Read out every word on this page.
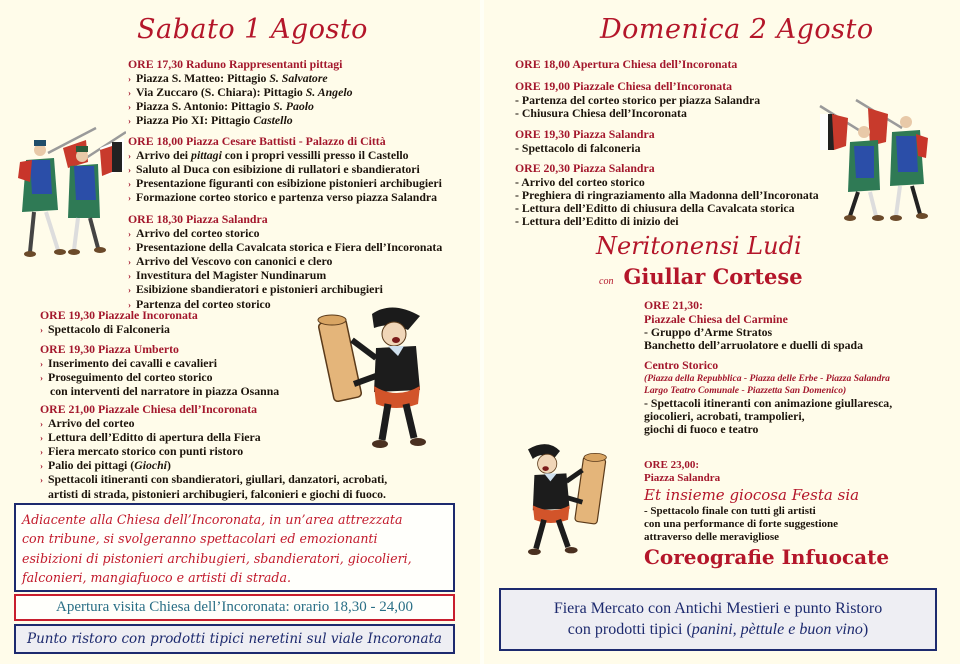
Sabato 1 Agosto
ORE 17,30 Raduno Rappresentanti pittagi
› Piazza S. Matteo: Pittagio S. Salvatore
› Via Zuccaro (S. Chiara): Pittagio S. Angelo
› Piazza S. Antonio: Pittagio S. Paolo
› Piazza Pio XI: Pittagio Castello
ORE 18,00 Piazza Cesare Battisti - Palazzo di Città
› Arrivo dei pittagi con i propri vessilli presso il Castello
› Saluto al Duca con esibizione di rullatori e sbandieratori
› Presentazione figuranti con esibizione pistonieri archibugieri
› Formazione corteo storico e partenza verso piazza Salandra
ORE 18,30 Piazza Salandra
› Arrivo del corteo storico
› Presentazione della Cavalcata storica e Fiera dell’Incoronata
› Arrivo del Vescovo con canonici e clero
› Investitura del Magister Nundinarum
› Esibizione sbandieratori e pistonieri archibugieri
› Partenza del corteo storico
ORE 19,30 Piazzale Incoronata
› Spettacolo di Falconeria
ORE 19,30 Piazza Umberto
› Inserimento dei cavalli e cavalieri
› Proseguimento del corteo storico
con interventi del narratore in piazza Osanna
ORE 21,00 Piazzale Chiesa dell’Incoronata
› Arrivo del corteo
› Lettura dell’Editto di apertura della Fiera
› Fiera mercato storico con punti ristoro
› Palio dei pittagi (Giochi)
› Spettacoli itineranti con sbandieratori, giullari, danzatori, acrobati,
artisti di strada, pistonieri archibugieri, falconieri e giochi di fuoco.
Adiacente alla Chiesa dell’Incoronata, in un’area attrezzata
con tribune, si svolgeranno spettacolari ed emozionanti
esibizioni di pistonieri archibugieri, sbandieratori, giocolieri,
falconieri, mangiafuoco e artisti di strada.
Apertura visita Chiesa dell’Incoronata: orario 18,30 - 24,00
Punto ristoro con prodotti tipici neretini sul viale Incoronata
Domenica 2 Agosto
ORE 18,00 Apertura Chiesa dell’Incoronata
ORE 19,00 Piazzale Chiesa dell’Incoronata
- Partenza del corteo storico per piazza Salandra
- Chiusura Chiesa dell’Incoronata
ORE 19,30 Piazza Salandra
- Spettacolo di falconeria
ORE 20,30 Piazza Salandra
- Arrivo del corteo storico
- Preghiera di ringraziamento alla Madonna dell’Incoronata
- Lettura dell’Editto di chiusura della Cavalcata storica
- Lettura dell’Editto di inizio dei
Neritonensi Ludi
con Giullar Cortese
ORE 21,30:
Piazzale Chiesa del Carmine
- Gruppo d’Arme Stratos
Banchetto dell’arruolatore e duelli di spada
Centro Storico
(Piazza della Repubblica - Piazza delle Erbe - Piazza Salandra
Largo Teatro Comunale - Piazzetta San Domenico)
- Spettacoli itineranti con animazione giullaresca,
giocolieri, acrobati, trampolieri,
giochi di fuoco e teatro
ORE 23,00:
Piazza Salandra
Et insieme giocosa Festa sia
- Spettacolo finale con tutti gli artisti
con una performance di forte suggestione
attraverso delle meravigliose
Coreografie Infuocate
Fiera Mercato con Antichi Mestieri e punto Ristoro
con prodotti tipici (panini, pèttule e buon vino)
